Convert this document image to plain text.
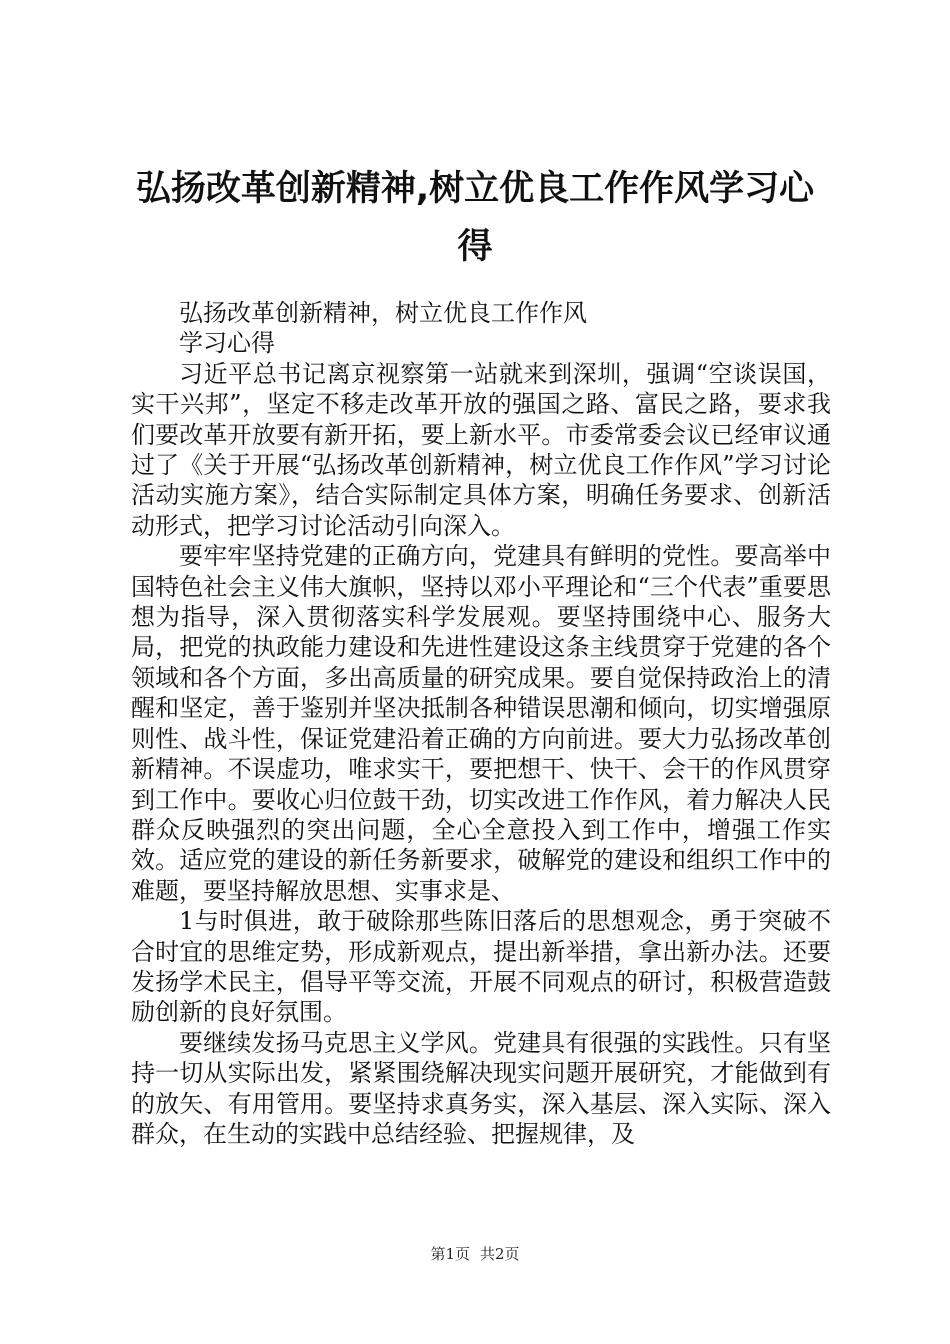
弘扬改革创新精神,树立优良工作作风学习心得

弘扬改革创新精神，树立优良工作作风

学习心得

习近平总书记离京视察第一站就来到深圳，强调“空谈误国，实干兴邦”，坚定不移走改革开放的强国之路、富民之路，要求我们要改革开放要有新开拓，要上新水平。市委常委会议已经审议通过了《关于开展“弘扬改革创新精神，树立优良工作作风”学习讨论活动实施方案》，结合实际制定具体方案，明确任务要求、创新活动形式，把学习讨论活动引向深入。

要牢牢坚持党建的正确方向，党建具有鲜明的党性。要高举中国特色社会主义伟大旗帜，坚持以邓小平理论和“三个代表”重要思想为指导，深入贯彻落实科学发展观。要坚持围绕中心、服务大局，把党的执政能力建设和先进性建设这条主线贯穿于党建的各个领域和各个方面，多出高质量的研究成果。要自觉保持政治上的清醒和坚定，善于鉴别并坚决抵制各种错误思潮和倾向，切实增强原则性、战斗性，保证党建沿着正确的方向前进。要大力弘扬改革创新精神。不误虚功，唯求实干，要把想干、快干、会干的作风贯穿到工作中。要收心归位鼓干劲，切实改进工作作风，着力解决人民群众反映强烈的突出问题，全心全意投入到工作中，增强工作实效。适应党的建设的新任务新要求，破解党的建设和组织工作中的难题，要坚持解放思想、实事求是、

1与时俱进，敢于破除那些陈旧落后的思想观念，勇于突破不合时宜的思维定势，形成新观点，提出新举措，拿出新办法。还要发扬学术民主，倡导平等交流，开展不同观点的研讨，积极营造鼓励创新的良好氛围。

要继续发扬马克思主义学风。党建具有很强的实践性。只有坚持一切从实际出发，紧紧围绕解决现实问题开展研究，才能做到有的放矢、有用管用。要坚持求真务实，深入基层、深入实际、深入群众，在生动的实践中总结经验、把握规律，及

第1页 共2页
